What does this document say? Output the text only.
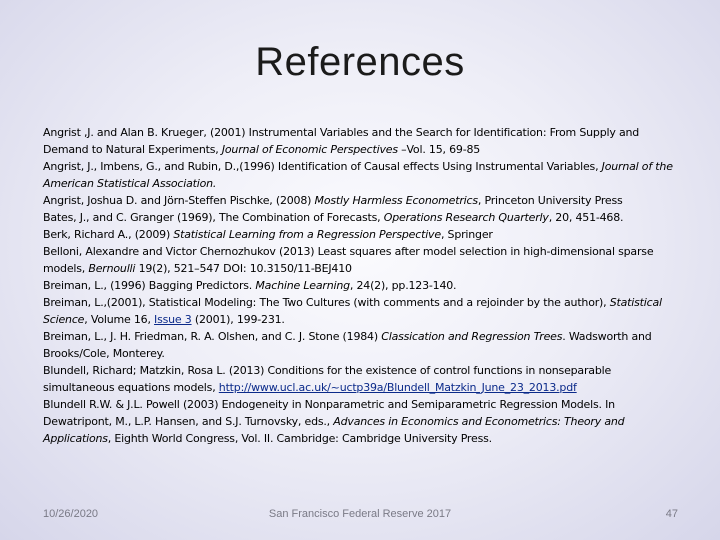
References

Angrist ,J. and Alan B. Krueger, (2001) Instrumental Variables and the Search for Identification: From Supply and Demand to Natural Experiments, Journal of Economic Perspectives –Vol. 15, 69-85

Angrist, J., Imbens, G., and Rubin, D.,(1996) Identification of Causal effects Using Instrumental Variables, Journal of the American Statistical Association.

Angrist, Joshua D. and Jörn-Steffen Pischke, (2008) Mostly Harmless Econometrics, Princeton University Press

Bates, J., and C. Granger (1969), The Combination of Forecasts, Operations Research Quarterly, 20, 451-468.

Berk, Richard A., (2009) Statistical Learning from a Regression Perspective, Springer

Belloni, Alexandre and Victor Chernozhukov (2013) Least squares after model selection in high-dimensional sparse models, Bernoulli 19(2), 521–547 DOI: 10.3150/11-BEJ410

Breiman, L., (1996) Bagging Predictors. Machine Learning, 24(2), pp.123-140.

Breiman, L.,(2001), Statistical Modeling: The Two Cultures (with comments and a rejoinder by the author), Statistical Science, Volume 16, Issue 3 (2001), 199-231.

Breiman, L., J. H. Friedman, R. A. Olshen, and C. J. Stone (1984) Classication and Regression Trees. Wadsworth and Brooks/Cole, Monterey.

Blundell, Richard; Matzkin, Rosa L. (2013) Conditions for the existence of control functions in nonseparable simultaneous equations models, http://www.ucl.ac.uk/~uctp39a/Blundell_Matzkin_June_23_2013.pdf

Blundell R.W. & J.L. Powell (2003) Endogeneity in Nonparametric and Semiparametric Regression Models. In Dewatripont, M., L.P. Hansen, and S.J. Turnovsky, eds., Advances in Economics and Econometrics: Theory and Applications, Eighth World Congress, Vol. II. Cambridge: Cambridge University Press.

10/26/2020	San Francisco Federal Reserve 2017	47
